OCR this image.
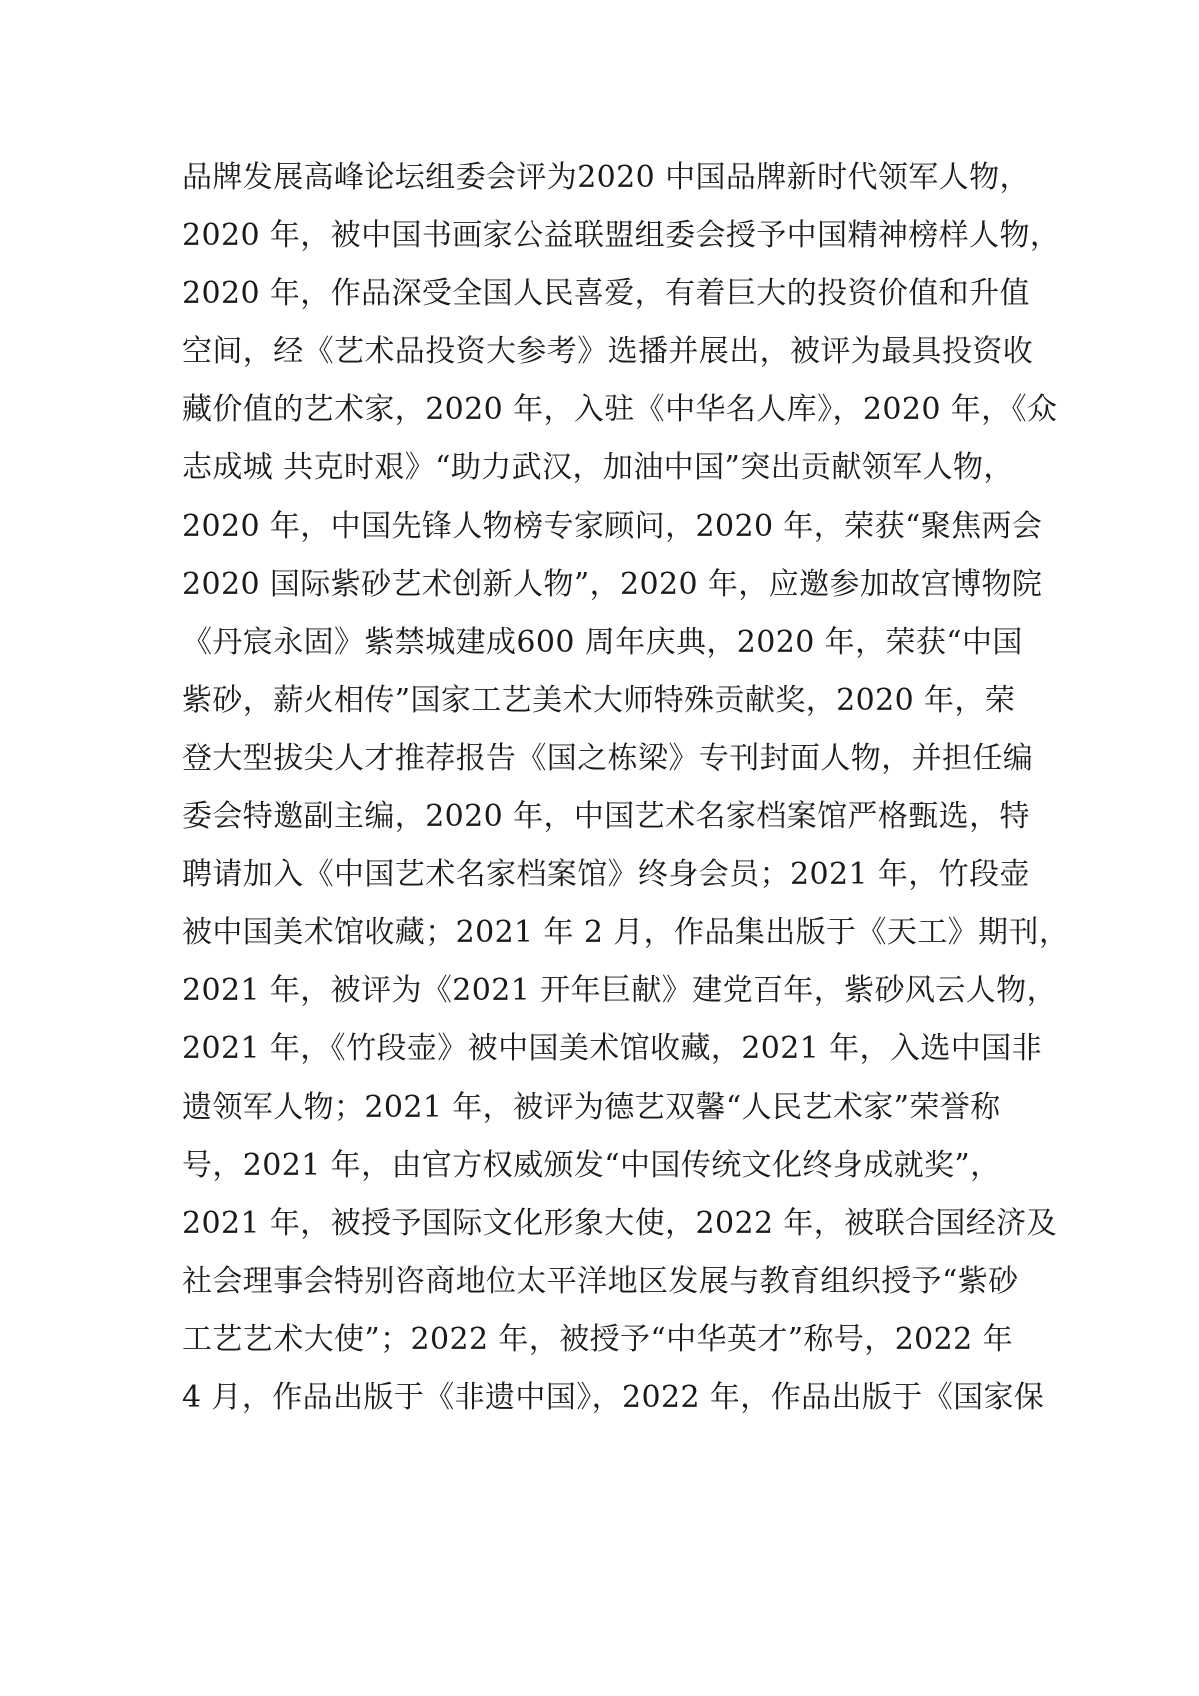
品牌发展高峰论坛组委会评为2020 中国品牌新时代领军人物，
2020 年，被中国书画家公益联盟组委会授予中国精神榜样人物，
2020 年，作品深受全国人民喜爱，有着巨大的投资价值和升值
空间，经《艺术品投资大参考》选播并展出，被评为最具投资收
藏价值的艺术家，2020 年，入驻《中华名人库》，2020 年，《众
志成城 共克时艰》“助力武汉，加油中国”突出贡献领军人物，
2020 年，中国先锋人物榜专家顾问，2020 年，荣获“聚焦两会
2020 国际紫砂艺术创新人物”，2020 年，应邀参加故宫博物院
《丹宸永固》紫禁城建成600 周年庆典，2020 年，荣获“中国
紫砂，薪火相传”国家工艺美术大师特殊贡献奖，2020 年，荣
登大型拔尖人才推荐报告《国之栋梁》专刊封面人物，并担任编
委会特邀副主编，2020 年，中国艺术名家档案馆严格甄选，特
聘请加入《中国艺术名家档案馆》终身会员；2021 年，竹段壶
被中国美术馆收藏；2021 年 2 月，作品集出版于《天工》期刊，
2021 年，被评为《2021 开年巨献》建党百年，紫砂风云人物，
2021 年，《竹段壶》被中国美术馆收藏，2021 年，入选中国非
遗领军人物；2021 年，被评为德艺双馨“人民艺术家”荣誉称
号，2021 年，由官方权威颁发“中国传统文化终身成就奖”，
2021 年，被授予国际文化形象大使，2022 年，被联合国经济及
社会理事会特别咨商地位太平洋地区发展与教育组织授予“紫砂
工艺艺术大使”；2022 年，被授予“中华英才”称号，2022 年
4 月，作品出版于《非遗中国》，2022 年，作品出版于《国家保
